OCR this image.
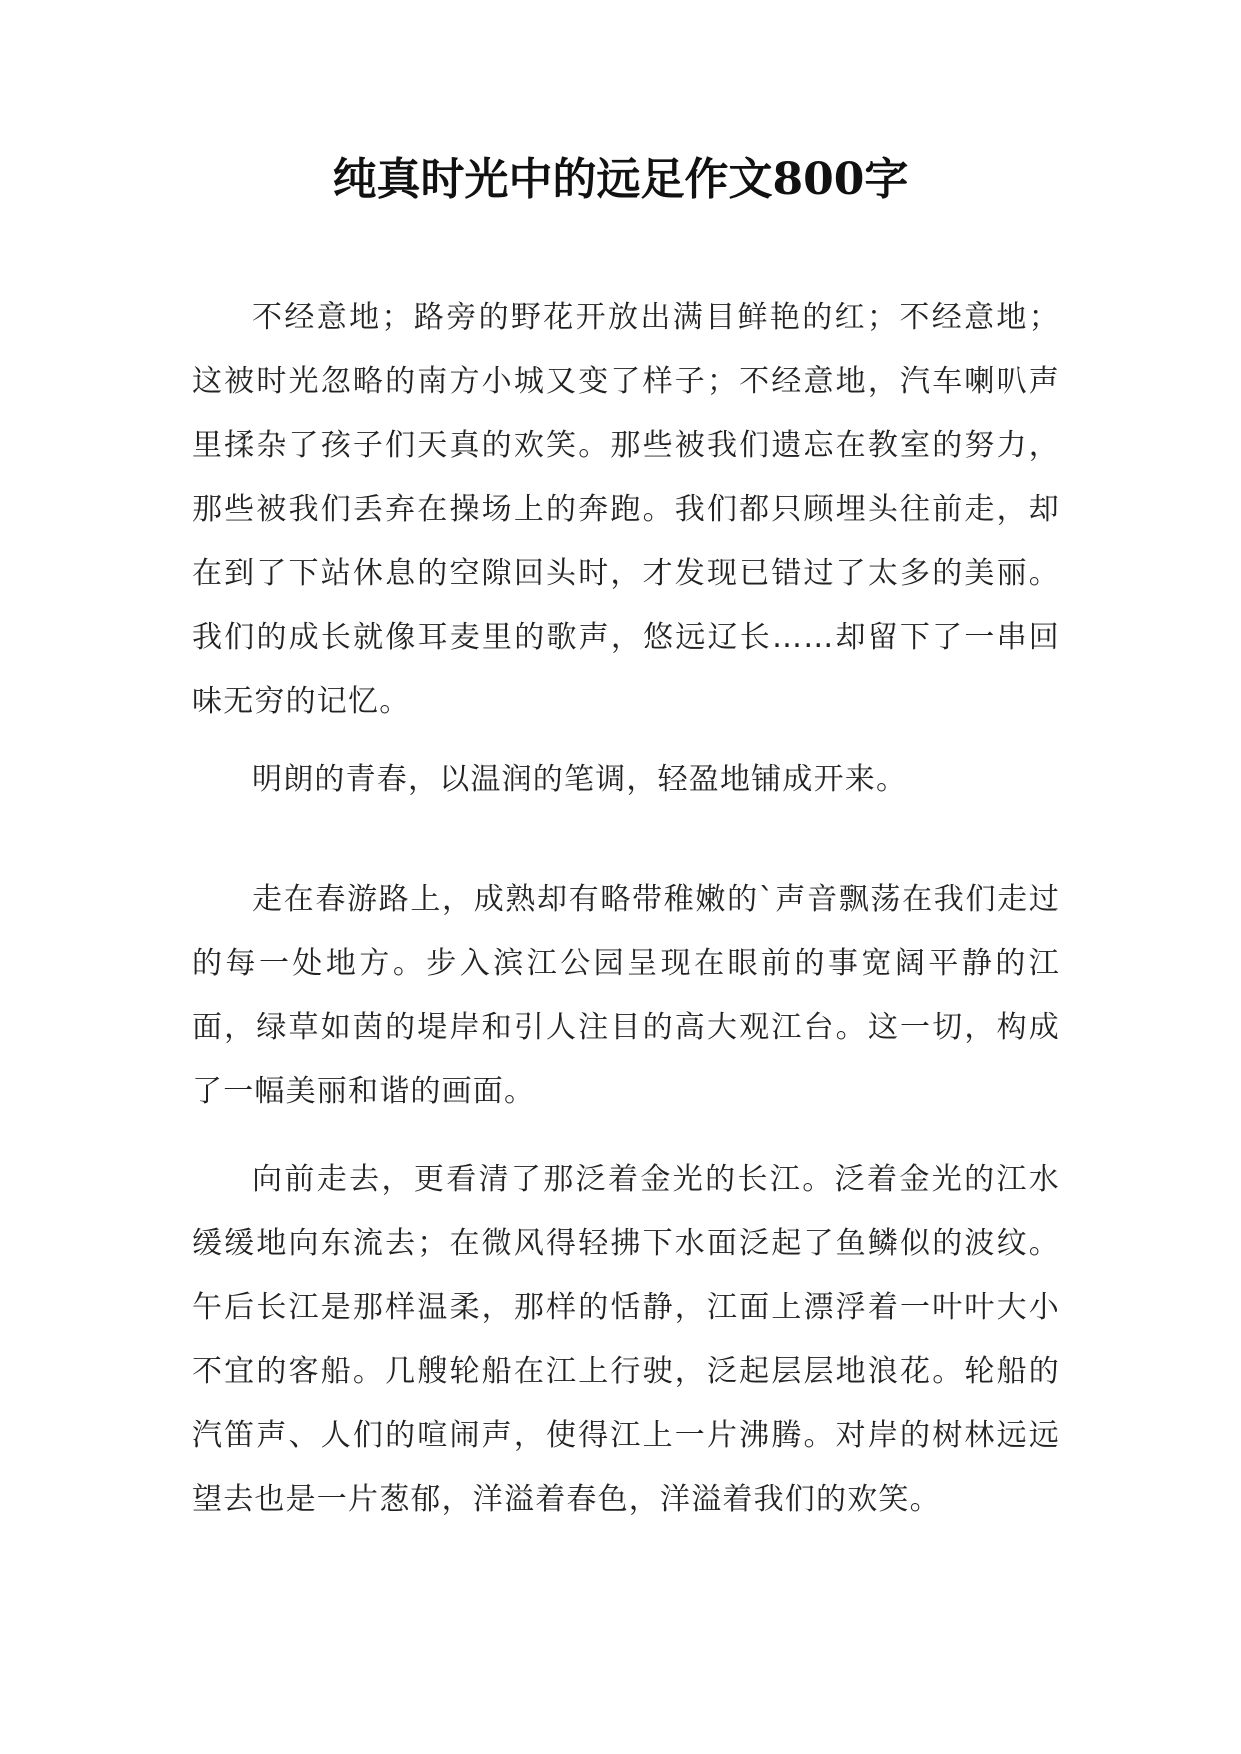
纯真时光中的远足作文800字

不经意地；路旁的野花开放出满目鲜艳的红；不经意地；这被时光忽略的南方小城又变了样子；不经意地，汽车喇叭声里揉杂了孩子们天真的欢笑。那些被我们遗忘在教室的努力，那些被我们丢弃在操场上的奔跑。我们都只顾埋头往前走，却在到了下站休息的空隙回头时，才发现已错过了太多的美丽。我们的成长就像耳麦里的歌声，悠远辽长……却留下了一串回味无穷的记忆。

明朗的青春，以温润的笔调，轻盈地铺成开来。

走在春游路上，成熟却有略带稚嫩的`声音飘荡在我们走过的每一处地方。步入滨江公园呈现在眼前的事宽阔平静的江面，绿草如茵的堤岸和引人注目的高大观江台。这一切，构成了一幅美丽和谐的画面。

向前走去，更看清了那泛着金光的长江。泛着金光的江水缓缓地向东流去；在微风得轻拂下水面泛起了鱼鳞似的波纹。午后长江是那样温柔，那样的恬静，江面上漂浮着一叶叶大小不宜的客船。几艘轮船在江上行驶，泛起层层地浪花。轮船的汽笛声、人们的喧闹声，使得江上一片沸腾。对岸的树林远远望去也是一片葱郁，洋溢着春色，洋溢着我们的欢笑。
